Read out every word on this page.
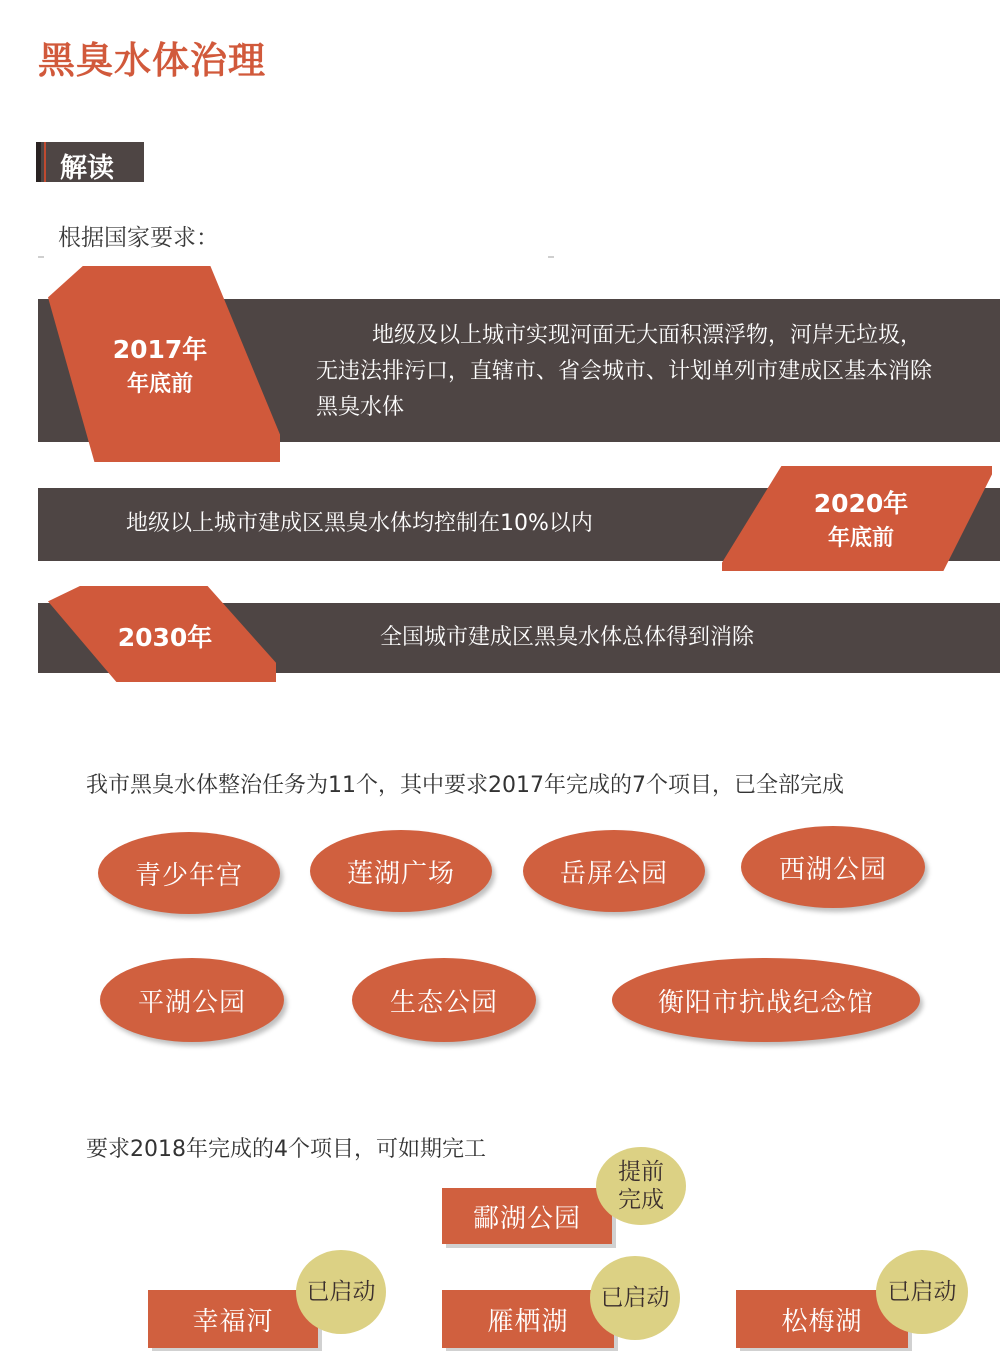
黑臭水体治理
解读
根据国家要求：
2017年
年底前
地级及以上城市实现河面无大面积漂浮物，河岸无垃圾，无违法排污口，直辖市、省会城市、计划单列市建成区基本消除黑臭水体
2020年
年底前
地级以上城市建成区黑臭水体均控制在10%以内
2030年	全国城市建成区黑臭水体总体得到消除
我市黑臭水体整治任务为11个，其中要求2017年完成的7个项目，已全部完成
青少年宫	莲湖广场	岳屏公园	西湖公园
平湖公园	生态公园	衡阳市抗战纪念馆
要求2018年完成的4个项目，可如期完工
酃湖公园
提前完成
幸福河
已启动
雁栖湖
已启动
松梅湖
已启动
